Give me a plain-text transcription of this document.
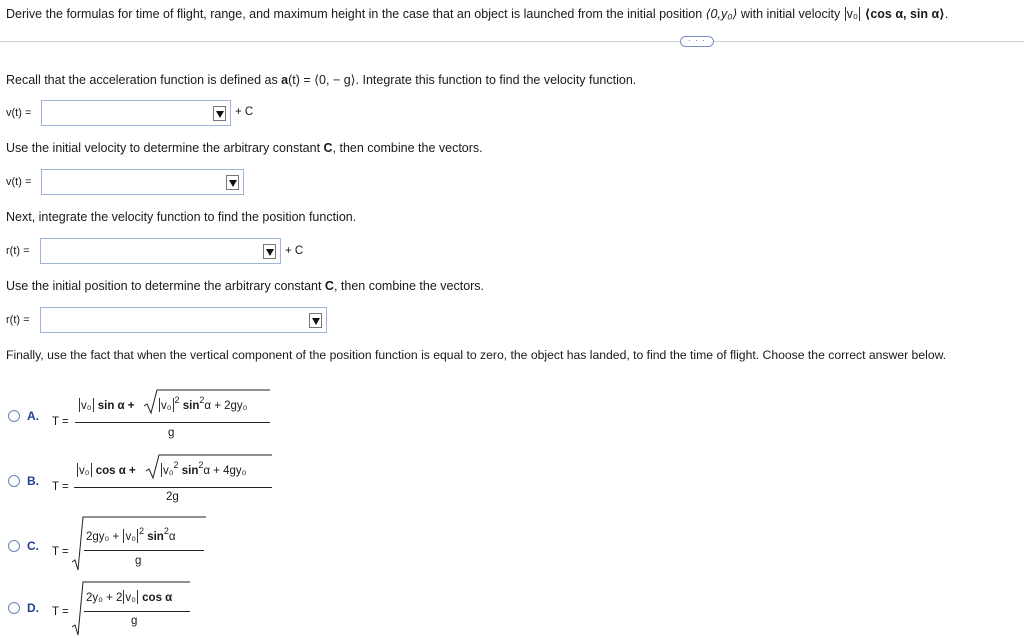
Derive the formulas for time of flight, range, and maximum height in the case that an object is launched from the initial position ⟨0,y₀⟩ with initial velocity v₀ ⟨cos α, sin α⟩.
· · ·
Recall that the acceleration function is defined as a(t) = ⟨0, − g⟩. Integrate this function to find the velocity function.
v(t) =	+ C
Use the initial velocity to determine the arbitrary constant C, then combine the vectors.
v(t) =
Next, integrate the velocity function to find the position function.
r(t) =	+ C
Use the initial position to determine the arbitrary constant C, then combine the vectors.
r(t) =
Finally, use the fact that when the vertical component of the position function is equal to zero, the object has landed, to find the time of flight. Choose the correct answer below.
A. T =
v₀ sin α + v₀ $^2$ $\sin^2\alpha + 2gy_0$
g
B. T =
v₀ cos α + v₀$^2$ $\sin^2\alpha + 4gy_0$
2g
C. T =
2gy₀ + v₀ $^2$ $\sin^2\alpha$
g
D. T =
2y₀ + 2 v₀ cos α
g
